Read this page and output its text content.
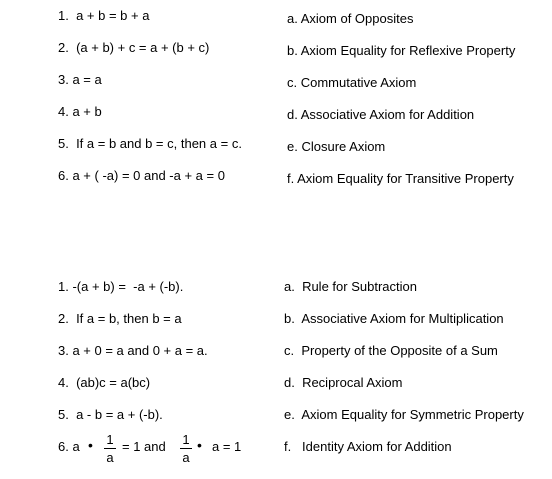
1.  a + b = b + a
2.  (a + b) + c = a + (b + c)
3. a = a
4. a + b
5.  If a = b and b = c, then a = c.
6. a + ( -a) = 0 and -a + a = 0
a. Axiom of Opposites
b. Axiom Equality for Reflexive Property
c. Commutative Axiom
d. Associative Axiom for Addition
e. Closure Axiom
f. Axiom Equality for Transitive Property
1. -(a + b) =  -a + (-b).
2.  If a = b, then b = a
3. a + 0 = a and 0 + a = a.
4.  (ab)c = a(bc)
5.  a - b = a + (-b).
6. a • $\frac{1}{a} = 1$ and $\frac{1}{a}$ • a = 1
a.  Rule for Subtraction
b.  Associative Axiom for Multiplication
c.  Property of the Opposite of a Sum
d.  Reciprocal Axiom
e.  Axiom Equality for Symmetric Property
f.   Identity Axiom for Addition
